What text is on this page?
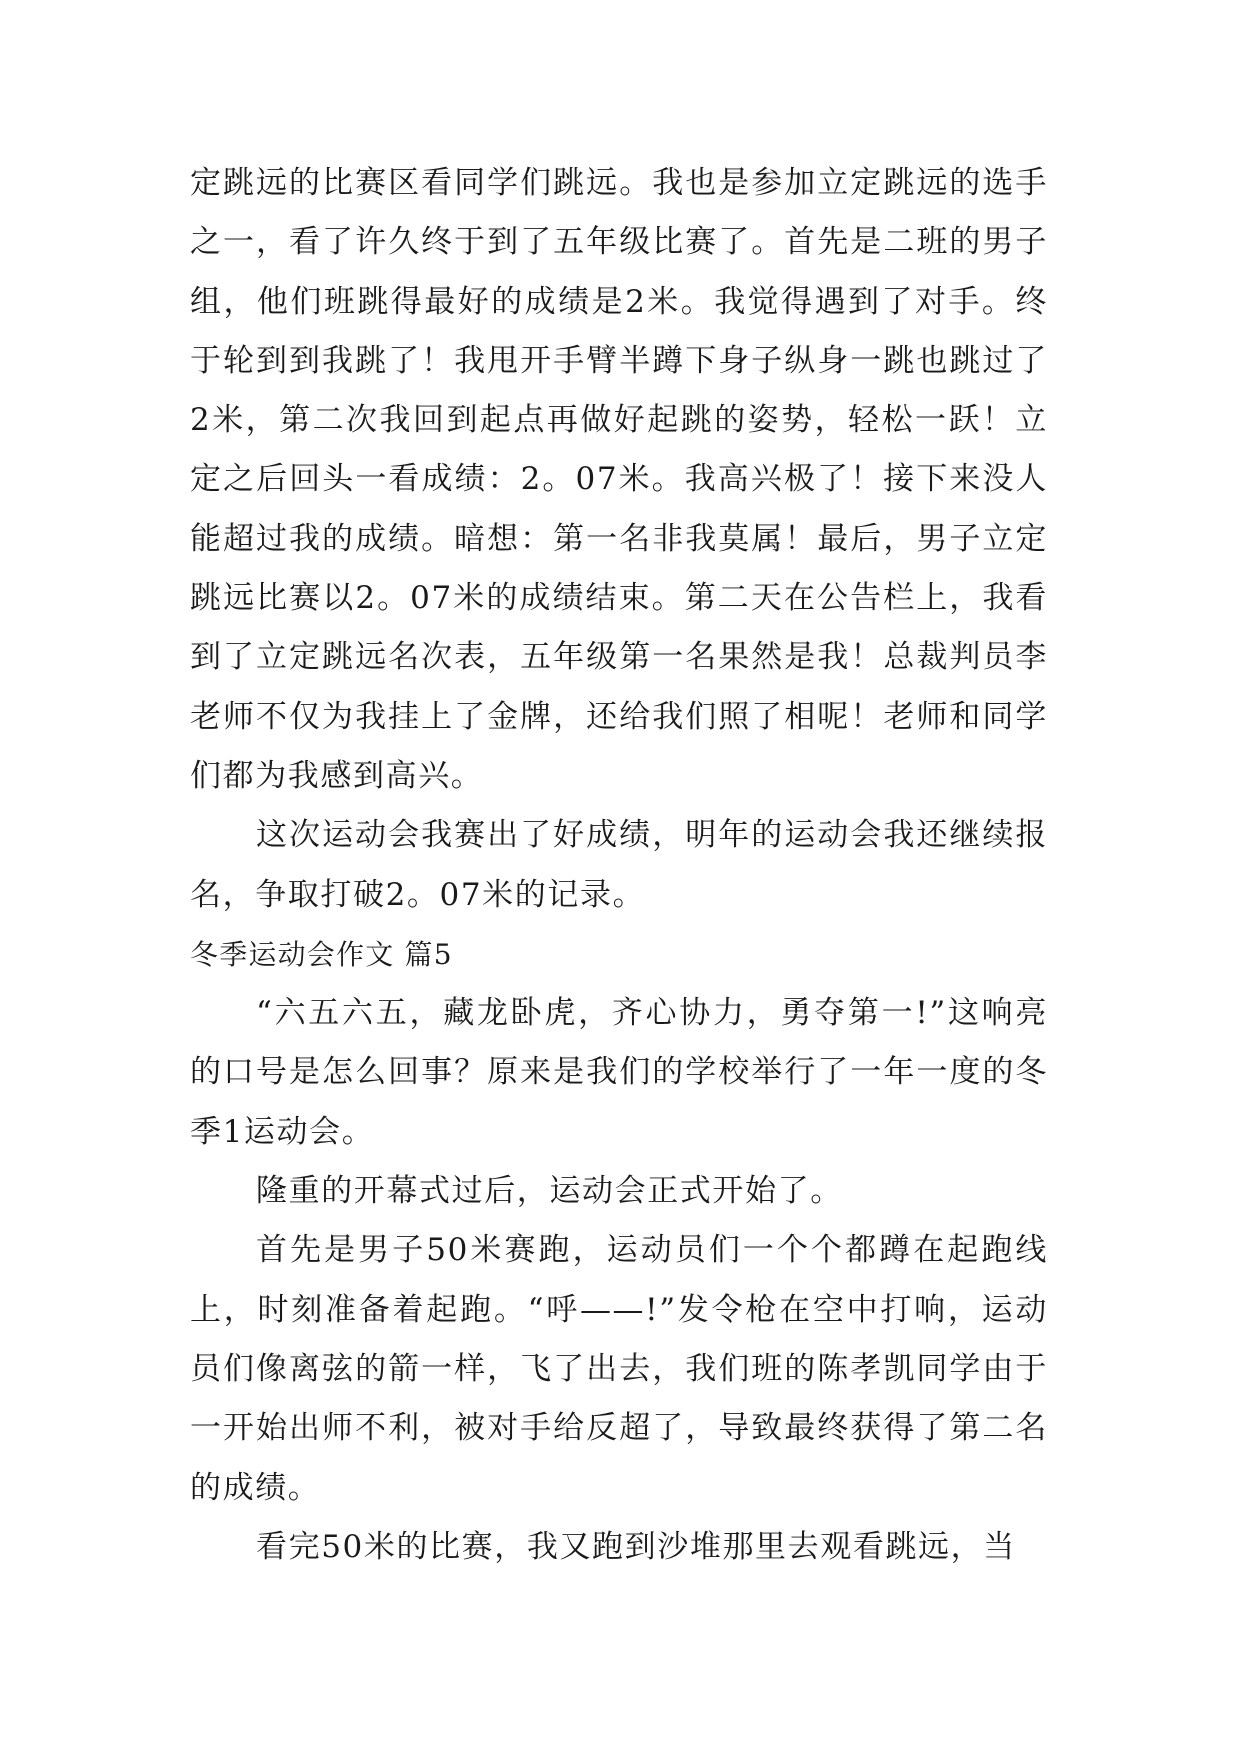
定跳远的比赛区看同学们跳远。我也是参加立定跳远的选手之一，看了许久终于到了五年级比赛了。首先是二班的男子组，他们班跳得最好的成绩是2米。我觉得遇到了对手。终于轮到到我跳了！我甩开手臂半蹲下身子纵身一跳也跳过了2米，第二次我回到起点再做好起跳的姿势，轻松一跃！立定之后回头一看成绩：2。07米。我高兴极了！接下来没人能超过我的成绩。暗想：第一名非我莫属！最后，男子立定跳远比赛以2。07米的成绩结束。第二天在公告栏上，我看到了立定跳远名次表，五年级第一名果然是我！总裁判员李老师不仅为我挂上了金牌，还给我们照了相呢！老师和同学们都为我感到高兴。

这次运动会我赛出了好成绩，明年的运动会我还继续报名，争取打破2。07米的记录。

冬季运动会作文 篇5

“六五六五，藏龙卧虎，齐心协力，勇夺第一!”这响亮的口号是怎么回事？原来是我们的学校举行了一年一度的冬季1运动会。

隆重的开幕式过后，运动会正式开始了。

首先是男子50米赛跑，运动员们一个个都蹲在起跑线上，时刻准备着起跑。“呼——!”发令枪在空中打响，运动员们像离弦的箭一样，飞了出去，我们班的陈孝凯同学由于一开始出师不利，被对手给反超了，导致最终获得了第二名的成绩。

看完50米的比赛，我又跑到沙堆那里去观看跳远，当
